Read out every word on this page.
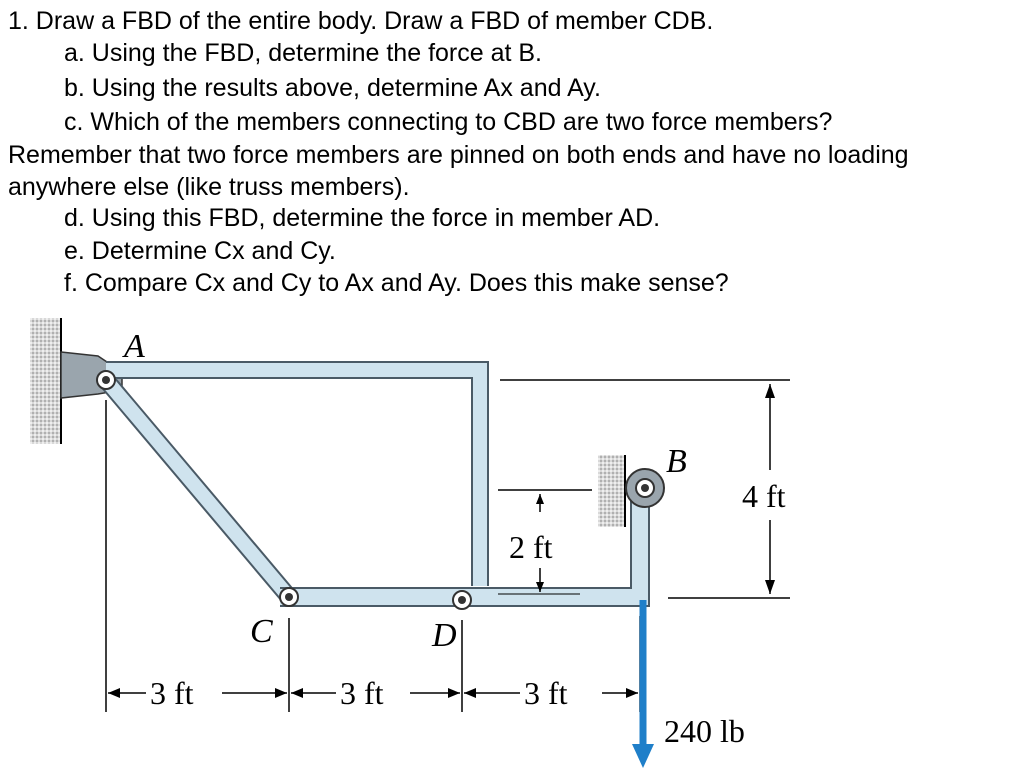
1. Draw a FBD of the entire body. Draw a FBD of member CDB.
a. Using the FBD, determine the force at B.
b. Using the results above, determine Ax and Ay.
c. Which of the members connecting to CBD are two force members?
Remember that two force members are pinned on both ends and have no loading
anywhere else (like truss members).
d. Using this FBD, determine the force in member AD.
e. Determine Cx and Cy.
f. Compare Cx and Cy to Ax and Ay. Does this make sense?
A
B
C	D
3 ft	3 ft	3 ft
4 ft
2 ft
240 lb
